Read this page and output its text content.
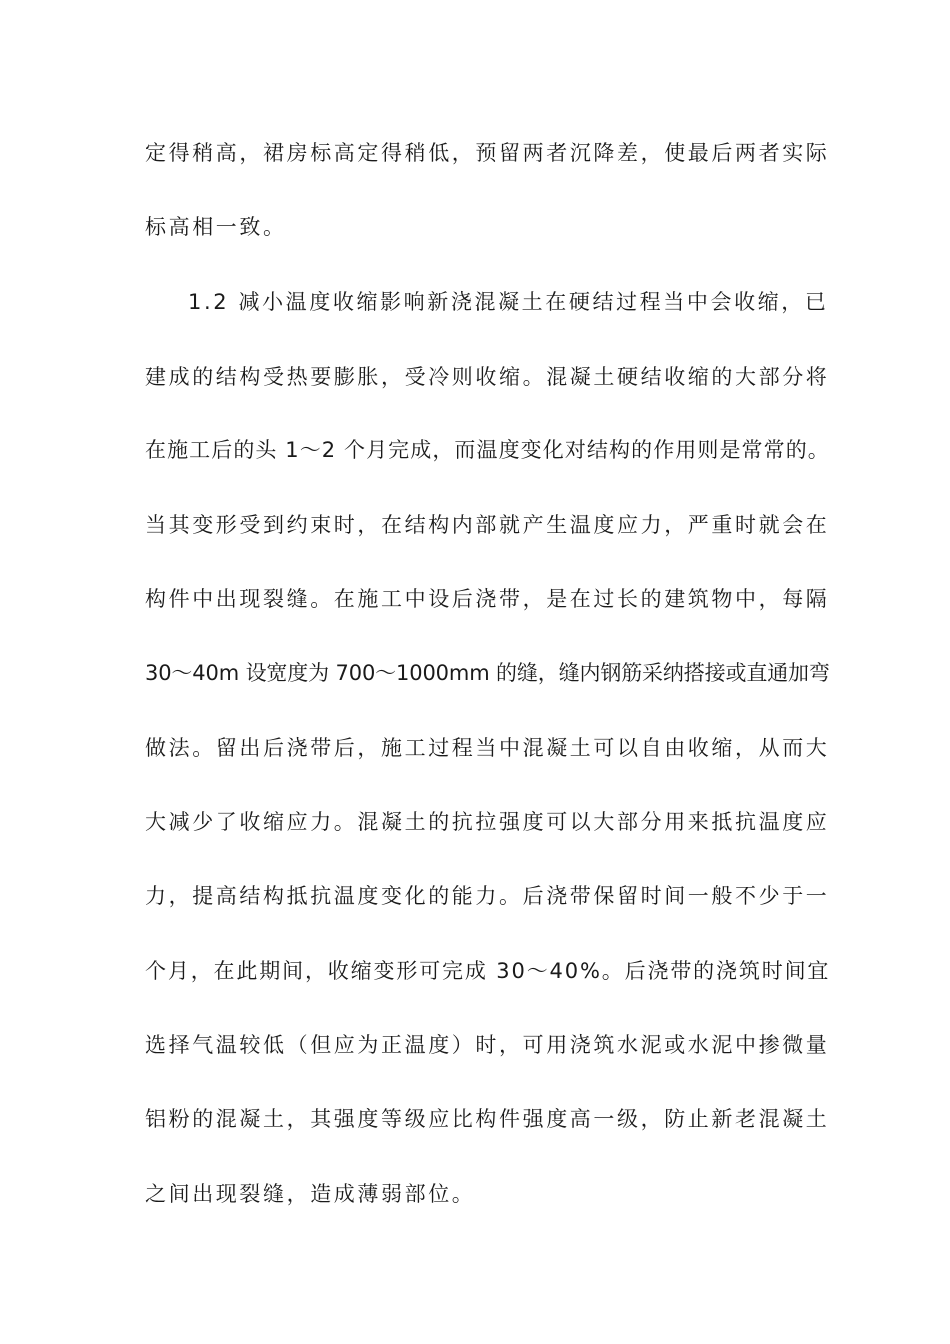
定得稍高，裙房标高定得稍低，预留两者沉降差，使最后两者实际
标高相一致。
1.2 减小温度收缩影响新浇混凝土在硬结过程当中会收缩，已
建成的结构受热要膨胀，受冷则收缩。混凝土硬结收缩的大部分将
在施工后的头 1～2 个月完成，而温度变化对结构的作用则是常常的。
当其变形受到约束时，在结构内部就产生温度应力，严重时就会在
构件中出现裂缝。在施工中设后浇带，是在过长的建筑物中，每隔
30～40m 设宽度为 700～1000mm 的缝，缝内钢筋采纳搭接或直通加弯
做法。留出后浇带后，施工过程当中混凝土可以自由收缩，从而大
大减少了收缩应力。混凝土的抗拉强度可以大部分用来抵抗温度应
力，提高结构抵抗温度变化的能力。后浇带保留时间一般不少于一
个月，在此期间，收缩变形可完成 30～40%。后浇带的浇筑时间宜
选择气温较低（但应为正温度）时，可用浇筑水泥或水泥中掺微量
铝粉的混凝土，其强度等级应比构件强度高一级，防止新老混凝土
之间出现裂缝，造成薄弱部位。
